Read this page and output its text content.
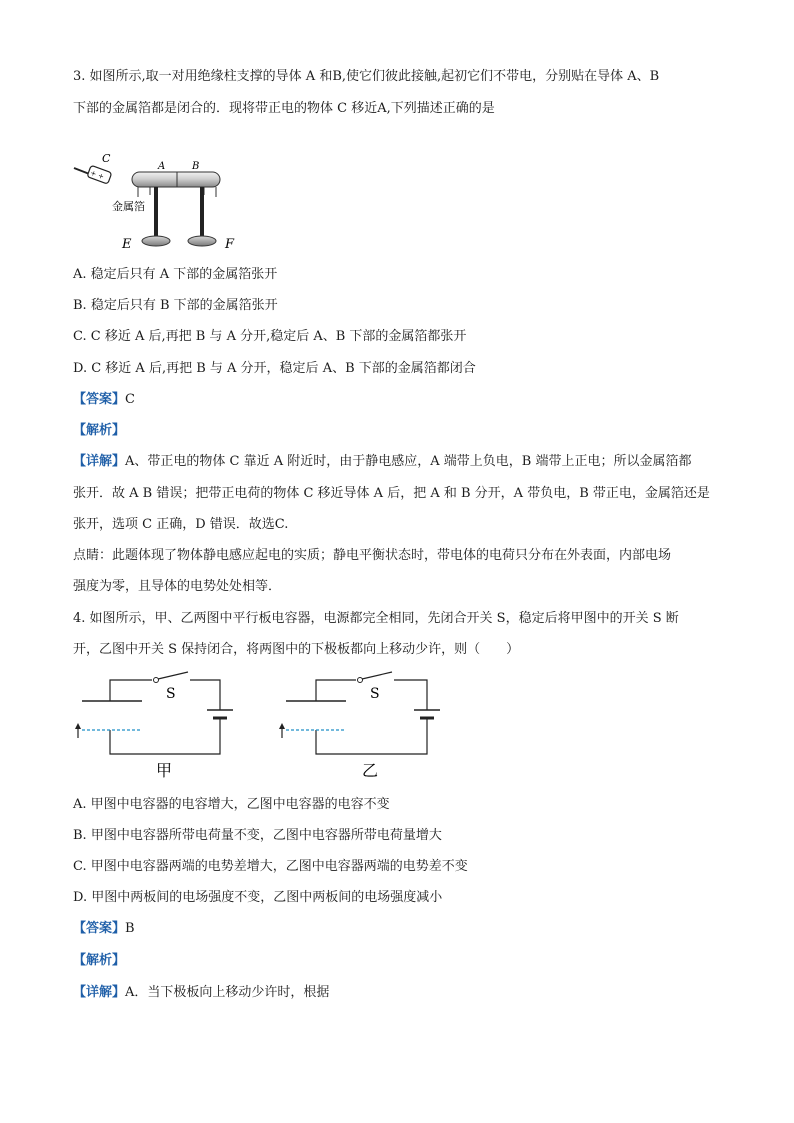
3. 如图所示,取一对用绝缘柱支撑的导体 A 和B,使它们彼此接触,起初它们不带电，分别贴在导体 A、B
下部的金属箔都是闭合的．现将带正电的物体 C 移近A,下列描述正确的是
+ +
C
A	B
金属箔
E	F
A. 稳定后只有 A 下部的金属箔张开
B. 稳定后只有 B 下部的金属箔张开
C. C 移近 A 后,再把 B 与 A 分开,稳定后 A、B 下部的金属箔都张开
D. C 移近 A 后,再把 B 与 A 分开，稳定后 A、B 下部的金属箔都闭合
【答案】C
【解析】
【详解】A、带正电的物体 C 靠近 A 附近时，由于静电感应，A 端带上负电，B 端带上正电；所以金属箔都
张开．故 A B 错误；把带正电荷的物体 C 移近导体 A 后，把 A 和 B 分开，A 带负电，B 带正电，金属箔还是
张开，选项 C 正确，D 错误．故选C.
点睛：此题体现了物体静电感应起电的实质；静电平衡状态时，带电体的电荷只分布在外表面，内部电场
强度为零，且导体的电势处处相等．
4. 如图所示，甲、乙两图中平行板电容器，电源都完全相同，先闭合开关 S，稳定后将甲图中的开关 S 断
开，乙图中开关 S 保持闭合，将两图中的下极板都向上移动少许，则（　　）
S
甲
S
乙
A. 甲图中电容器的电容增大，乙图中电容器的电容不变
B. 甲图中电容器所带电荷量不变，乙图中电容器所带电荷量增大
C. 甲图中电容器两端的电势差增大，乙图中电容器两端的电势差不变
D. 甲图中两板间的电场强度不变，乙图中两板间的电场强度减小
【答案】B
【解析】
【详解】A．当下极板向上移动少许时，根据
